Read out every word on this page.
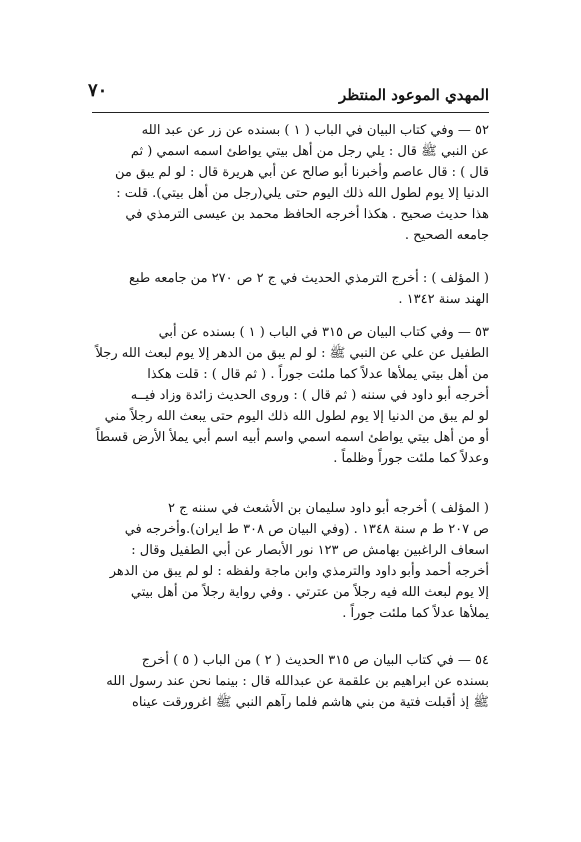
المهدي الموعود المنتظر
٧٠
٥٢ — وفي كتاب البيان في الباب ( ١ ) بسنده عن زر عن عبد الله
عن النبي ﷺ قال : يلي رجل من أهل بيتي يواطئ اسمه اسمي ( ثم
قال ) : قال عاصم وأخبرنا أبو صالح عن أبي هريرة قال : لو لم يبق من
الدنيا إلا يوم لطول الله ذلك اليوم حتى يلي(رجل من أهل بيتي). قلت :
هذا حديث صحيح . هكذا أخرجه الحافظ محمد بن عيسى الترمذي في
جامعه الصحيح .
( المؤلف ) : أخرج الترمذي الحديث في ج ٢ ص ٢٧٠ من جامعه طبع
الهند سنة ١٣٤٢ .
٥٣ — وفي كتاب البيان ص ٣١٥ في الباب ( ١ ) بسنده عن أبي
الطفيل عن علي عن النبي ﷺ : لو لم يبق من الدهر إلا يوم لبعث الله رجلاً
من أهل بيتي يملأها عدلاً كما ملئت جوراً . ( ثم قال ) : قلت هكذا
أخرجه أبو داود في سننه ( ثم قال ) : وروى الحديث زائدة وزاد فيــه
لو لم يبق من الدنيا إلا يوم لطول الله ذلك اليوم حتى يبعث الله رجلاً مني
أو من أهل بيتي يواطئ اسمه اسمي واسم أبيه اسم أبي يملأ الأرض قسطاً
وعدلاً كما ملئت جوراً وظلماً .
( المؤلف ) أخرجه أبو داود سليمان بن الأشعث في سننه ج ٢
ص ٢٠٧ ط م سنة ١٣٤٨ . (وفي البيان ص ٣٠٨ ط ايران).وأخرجه في
اسعاف الراغبين بهامش ص ١٢٣ نور الأبصار عن أبي الطفيل وقال :
أخرجه أحمد وأبو داود والترمذي وابن ماجة ولفظه : لو لم يبق من الدهر
إلا يوم لبعث الله فيه رجلاً من عترتي . وفي رواية رجلاً من أهل بيتي
يملأها عدلاً كما ملئت جوراً .
٥٤ — في كتاب البيان ص ٣١٥ الحديث ( ٢ ) من الباب ( ٥ ) أخرج
بسنده عن ابراهيم بن علقمة عن عبدالله قال : بينما نحن عند رسول الله
ﷺ إذ أقبلت فتية من بني هاشم فلما رآهم النبي ﷺ اغرورقت عيناه
